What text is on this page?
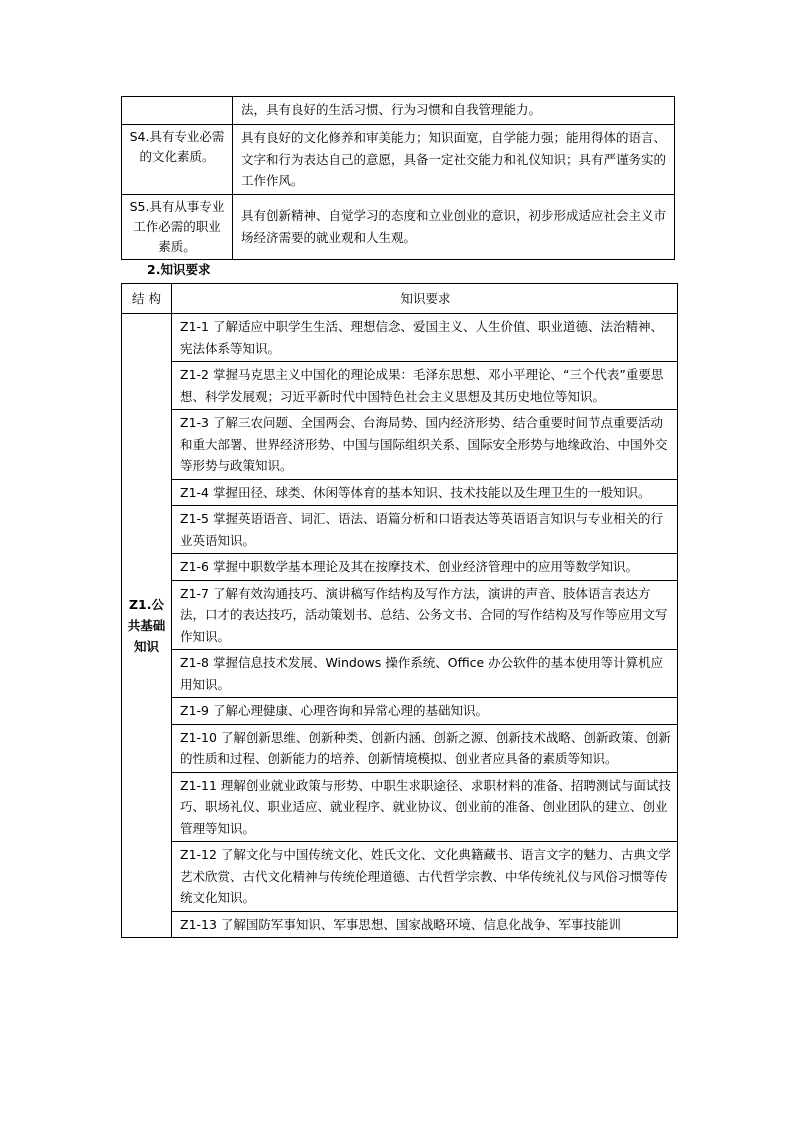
	法，具有良好的生活习惯、行为习惯和自我管理能力。
S4.具有专业必需的文化素质。	具有良好的文化修养和审美能力；知识面宽，自学能力强；能用得体的语言、文字和行为表达自己的意愿，具备一定社交能力和礼仪知识；具有严谨务实的工作作风。
S5.具有从事专业工作必需的职业素质。	具有创新精神、自觉学习的态度和立业创业的意识，初步形成适应社会主义市场经济需要的就业观和人生观。
2.知识要求
结 构	知识要求
Z1.公共基础知识	Z1-1 了解适应中职学生生活、理想信念、爱国主义、人生价值、职业道德、法治精神、宪法体系等知识。
	Z1-2 掌握马克思主义中国化的理论成果：毛泽东思想、邓小平理论、“三个代表”重要思想、科学发展观；习近平新时代中国特色社会主义思想及其历史地位等知识。
	Z1-3 了解三农问题、全国两会、台海局势、国内经济形势、结合重要时间节点重要活动和重大部署、世界经济形势、中国与国际组织关系、国际安全形势与地缘政治、中国外交等形势与政策知识。
	Z1-4 掌握田径、球类、休闲等体育的基本知识、技术技能以及生理卫生的一般知识。
	Z1-5 掌握英语语音、词汇、语法、语篇分析和口语表达等英语语言知识与专业相关的行业英语知识。
	Z1-6 掌握中职数学基本理论及其在按摩技术、创业经济管理中的应用等数学知识。
	Z1-7 了解有效沟通技巧、演讲稿写作结构及写作方法，演讲的声音、肢体语言表达方法，口才的表达技巧，活动策划书、总结、公务文书、合同的写作结构及写作等应用文写作知识。
	Z1-8 掌握信息技术发展、Windows 操作系统、Office 办公软件的基本使用等计算机应用知识。
	Z1-9 了解心理健康、心理咨询和异常心理的基础知识。
	Z1-10 了解创新思维、创新种类、创新内涵、创新之源、创新技术战略、创新政策、创新的性质和过程、创新能力的培养、创新情境模拟、创业者应具备的素质等知识。
	Z1-11 理解创业就业政策与形势、中职生求职途径、求职材料的准备、招聘测试与面试技巧、职场礼仪、职业适应、就业程序、就业协议、创业前的准备、创业团队的建立、创业管理等知识。
	Z1-12 了解文化与中国传统文化、姓氏文化、文化典籍藏书、语言文字的魅力、古典文学艺术欣赏、古代文化精神与传统伦理道德、古代哲学宗教、中华传统礼仪与风俗习惯等传统文化知识。
	Z1-13 了解国防军事知识、军事思想、国家战略环境、信息化战争、军事技能训
